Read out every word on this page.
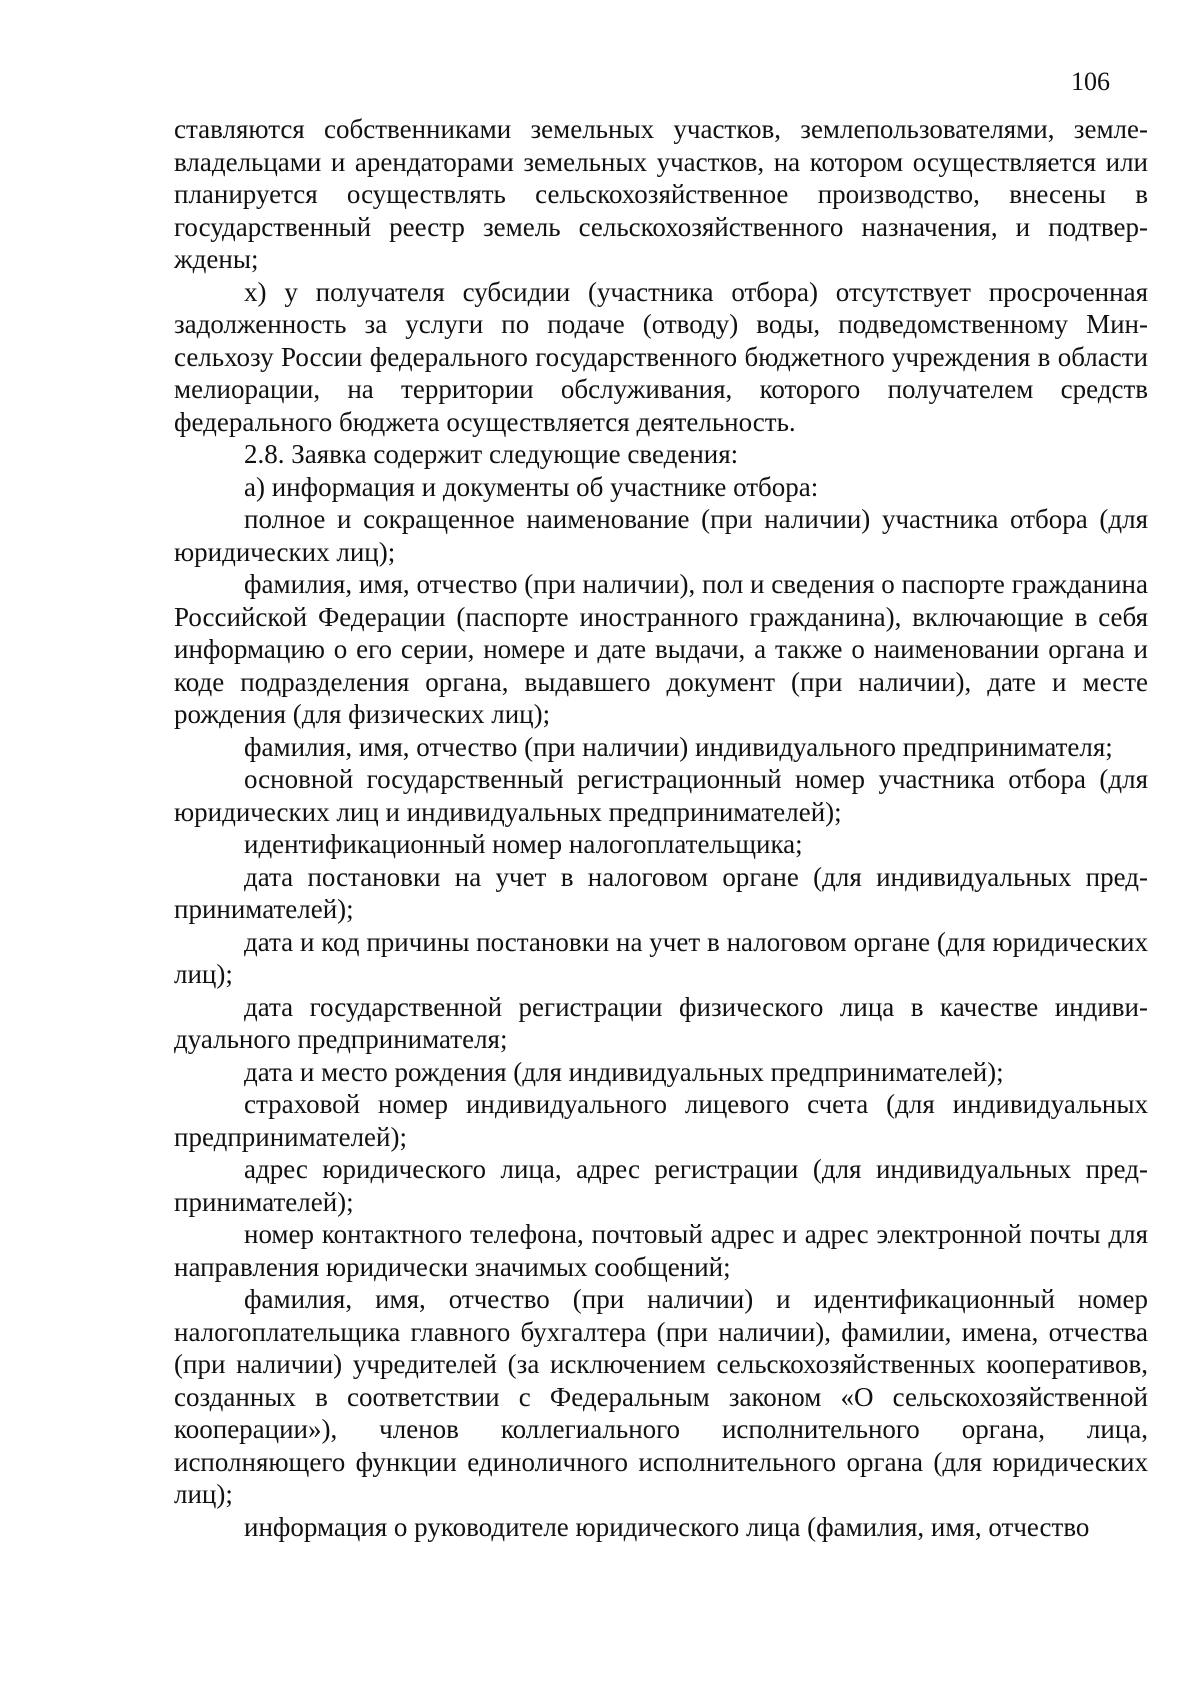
106

ставляются собственниками земельных участков, землепользователями, землевладельцами и арендаторами земельных участков, на котором осуществляется или планируется осуществлять сельскохозяйственное производство, внесены в государственный реестр земель сельскохозяйственного назначения, и подтверждены;

х) у получателя субсидии (участника отбора) отсутствует просроченная задолженность за услуги по подаче (отводу) воды, подведомственному Минсельхозу России федерального государственного бюджетного учреждения в области мелиорации, на территории обслуживания, которого получателем средств федерального бюджета осуществляется деятельность.

2.8. Заявка содержит следующие сведения:

а) информация и документы об участнике отбора:

полное и сокращенное наименование (при наличии) участника отбора (для юридических лиц);

фамилия, имя, отчество (при наличии), пол и сведения о паспорте гражданина Российской Федерации (паспорте иностранного гражданина), включающие в себя информацию о его серии, номере и дате выдачи, а также о наименовании органа и коде подразделения органа, выдавшего документ (при наличии), дате и месте рождения (для физических лиц);

фамилия, имя, отчество (при наличии) индивидуального предпринимателя;

основной государственный регистрационный номер участника отбора (для юридических лиц и индивидуальных предпринимателей);

идентификационный номер налогоплательщика;

дата постановки на учет в налоговом органе (для индивидуальных предпринимателей);

дата и код причины постановки на учет в налоговом органе (для юридических лиц);

дата государственной регистрации физического лица в качестве индивидуального предпринимателя;

дата и место рождения (для индивидуальных предпринимателей);

страховой номер индивидуального лицевого счета (для индивидуальных предпринимателей);

адрес юридического лица, адрес регистрации (для индивидуальных предпринимателей);

номер контактного телефона, почтовый адрес и адрес электронной почты для направления юридически значимых сообщений;

фамилия, имя, отчество (при наличии) и идентификационный номер налогоплательщика главного бухгалтера (при наличии), фамилии, имена, отчества (при наличии) учредителей (за исключением сельскохозяйственных кооперативов, созданных в соответствии с Федеральным законом «О сельскохозяйственной кооперации»), членов коллегиального исполнительного органа, лица, исполняющего функции единоличного исполнительного органа (для юридических лиц);

информация о руководителе юридического лица (фамилия, имя, отчество
